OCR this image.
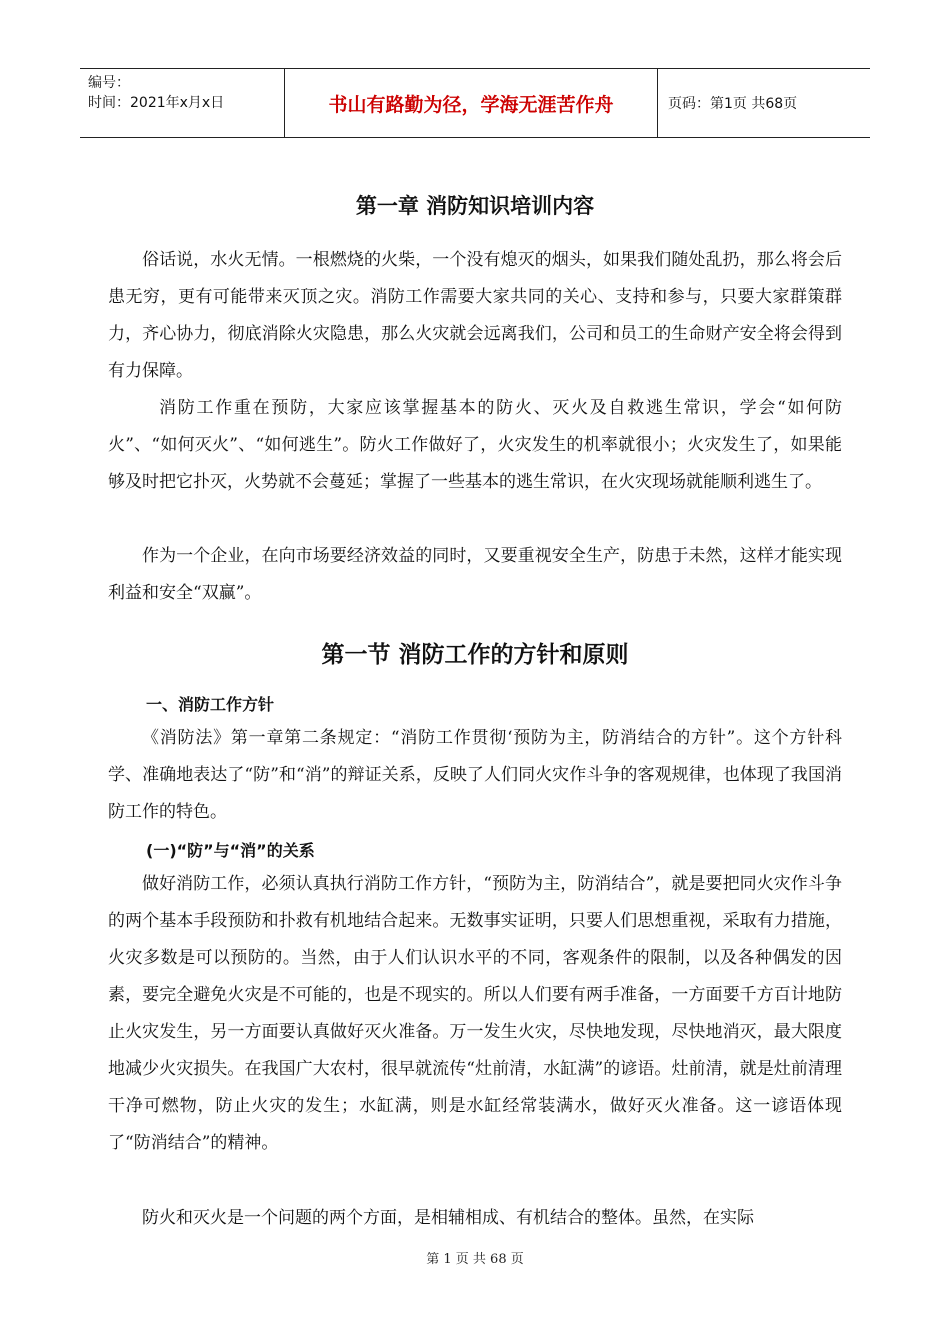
编号：
时间：2021年x月x日	书山有路勤为径，学海无涯苦作舟	页码：第1页 共68页
第一章 消防知识培训内容

俗话说，水火无情。一根燃烧的火柴，一个没有熄灭的烟头，如果我们随处乱扔，那么将会后患无穷，更有可能带来灭顶之灾。消防工作需要大家共同的关心、支持和参与，只要大家群策群力，齐心协力，彻底消除火灾隐患，那么火灾就会远离我们，公司和员工的生命财产安全将会得到有力保障。

消防工作重在预防，大家应该掌握基本的防火、灭火及自救逃生常识，学会“如何防火”、“如何灭火”、“如何逃生”。防火工作做好了，火灾发生的机率就很小；火灾发生了，如果能够及时把它扑灭，火势就不会蔓延；掌握了一些基本的逃生常识，在火灾现场就能顺利逃生了。

作为一个企业，在向市场要经济效益的同时，又要重视安全生产，防患于未然，这样才能实现利益和安全“双赢”。

第一节 消防工作的方针和原则
一、消防工作方针

《消防法》第一章第二条规定：“消防工作贯彻‘预防为主，防消结合的方针”。这个方针科学、准确地表达了“防”和“消”的辩证关系，反映了人们同火灾作斗争的客观规律，也体现了我国消防工作的特色。

(一)“防”与“消”的关系

做好消防工作，必须认真执行消防工作方针，“预防为主，防消结合”，就是要把同火灾作斗争的两个基本手段预防和扑救有机地结合起来。无数事实证明，只要人们思想重视，采取有力措施，火灾多数是可以预防的。当然，由于人们认识水平的不同，客观条件的限制，以及各种偶发的因素，要完全避免火灾是不可能的，也是不现实的。所以人们要有两手准备，一方面要千方百计地防止火灾发生，另一方面要认真做好灭火准备。万一发生火灾，尽快地发现，尽快地消灭，最大限度地减少火灾损失。在我国广大农村，很早就流传“灶前清，水缸满”的谚语。灶前清，就是灶前清理干净可燃物，防止火灾的发生；水缸满，则是水缸经常装满水，做好灭火准备。这一谚语体现了“防消结合”的精神。

防火和灭火是一个问题的两个方面，是相辅相成、有机结合的整体。虽然，在实际

第 1 页 共 68 页
